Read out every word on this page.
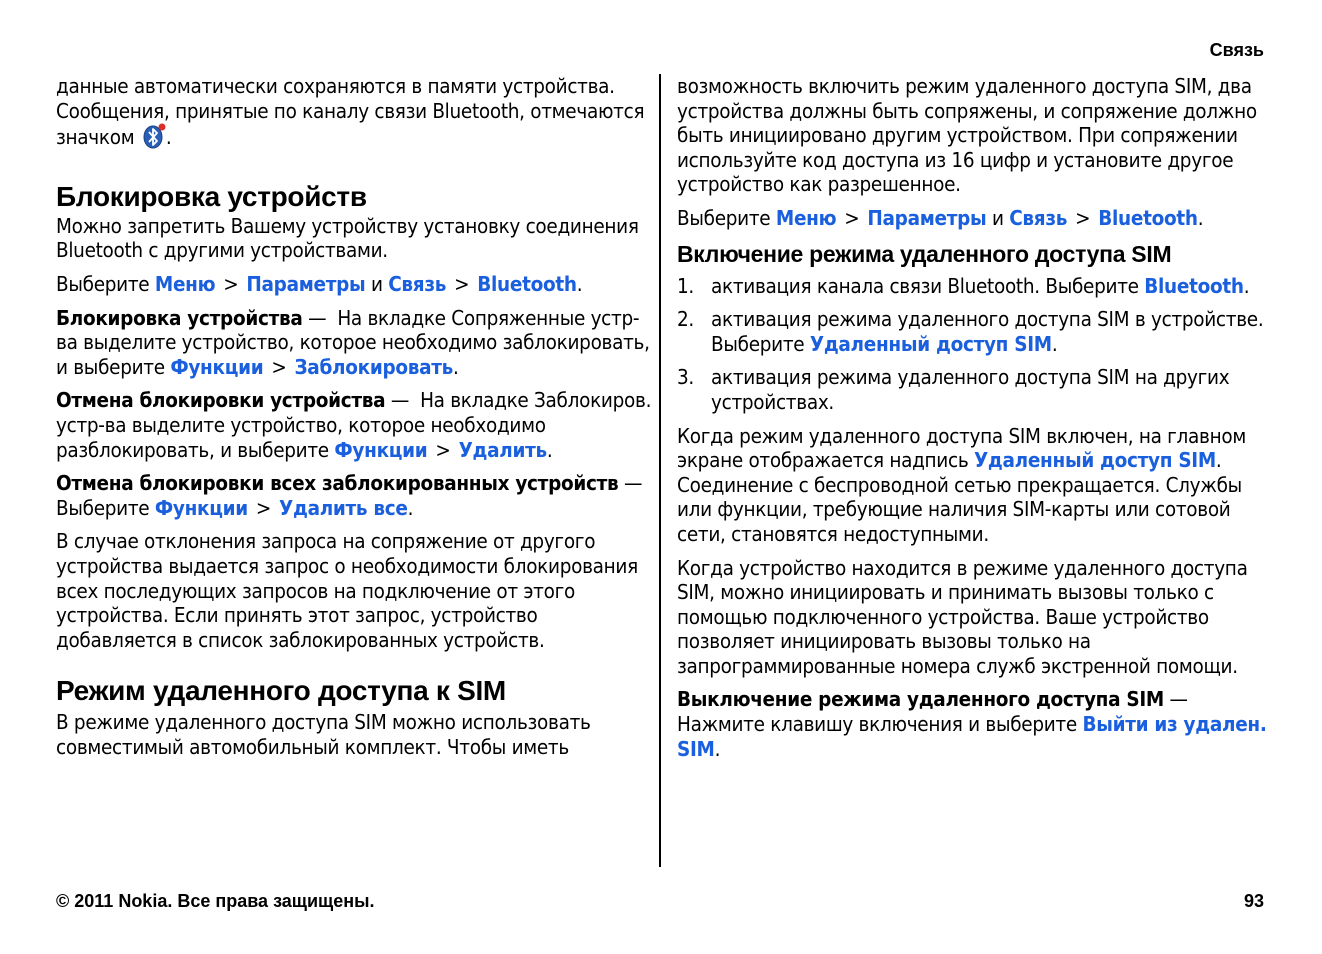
Связь

данные автоматически сохраняются в памяти устройства. Сообщения, принятые по каналу связи Bluetooth, отмечаются значком .

Блокировка устройств

Можно запретить Вашему устройству установку соединения Bluetooth с другими устройствами.

Выберите Меню > Параметры и Связь > Bluetooth.

Блокировка устройства — На вкладке Сопряженные устр-ва выделите устройство, которое необходимо заблокировать, и выберите Функции > Заблокировать.

Отмена блокировки устройства — На вкладке Заблокиров. устр-ва выделите устройство, которое необходимо разблокировать, и выберите Функции > Удалить.

Отмена блокировки всех заблокированных устройств —  Выберите Функции > Удалить все.

В случае отклонения запроса на сопряжение от другого устройства выдается запрос о необходимости блокирования всех последующих запросов на подключение от этого устройства. Если принять этот запрос, устройство добавляется в список заблокированных устройств.

Режим удаленного доступа к SIM

В режиме удаленного доступа SIM можно использовать совместимый автомобильный комплект. Чтобы иметь

возможность включить режим удаленного доступа SIM, два устройства должны быть сопряжены, и сопряжение должно быть инициировано другим устройством. При сопряжении используйте код доступа из 16 цифр и установите другое устройство как разрешенное.

Выберите Меню > Параметры и Связь > Bluetooth.

Включение режима удаленного доступа SIM
1. активация канала связи Bluetooth. Выберите Bluetooth.
2. активация режима удаленного доступа SIM в устройстве. Выберите Удаленный доступ SIM.
3. активация режима удаленного доступа SIM на других устройствах.

Когда режим удаленного доступа SIM включен, на главном экране отображается надпись Удаленный доступ SIM. Соединение с беспроводной сетью прекращается. Службы или функции, требующие наличия SIM-карты или сотовой сети, становятся недоступными.

Когда устройство находится в режиме удаленного доступа SIM, можно инициировать и принимать вызовы только с помощью подключенного устройства. Ваше устройство позволяет инициировать вызовы только на запрограммированные номера служб экстренной помощи.

Выключение режима удаленного доступа SIM — Нажмите клавишу включения и выберите Выйти из удален. SIM.

© 2011 Nokia. Все права защищены.	93
